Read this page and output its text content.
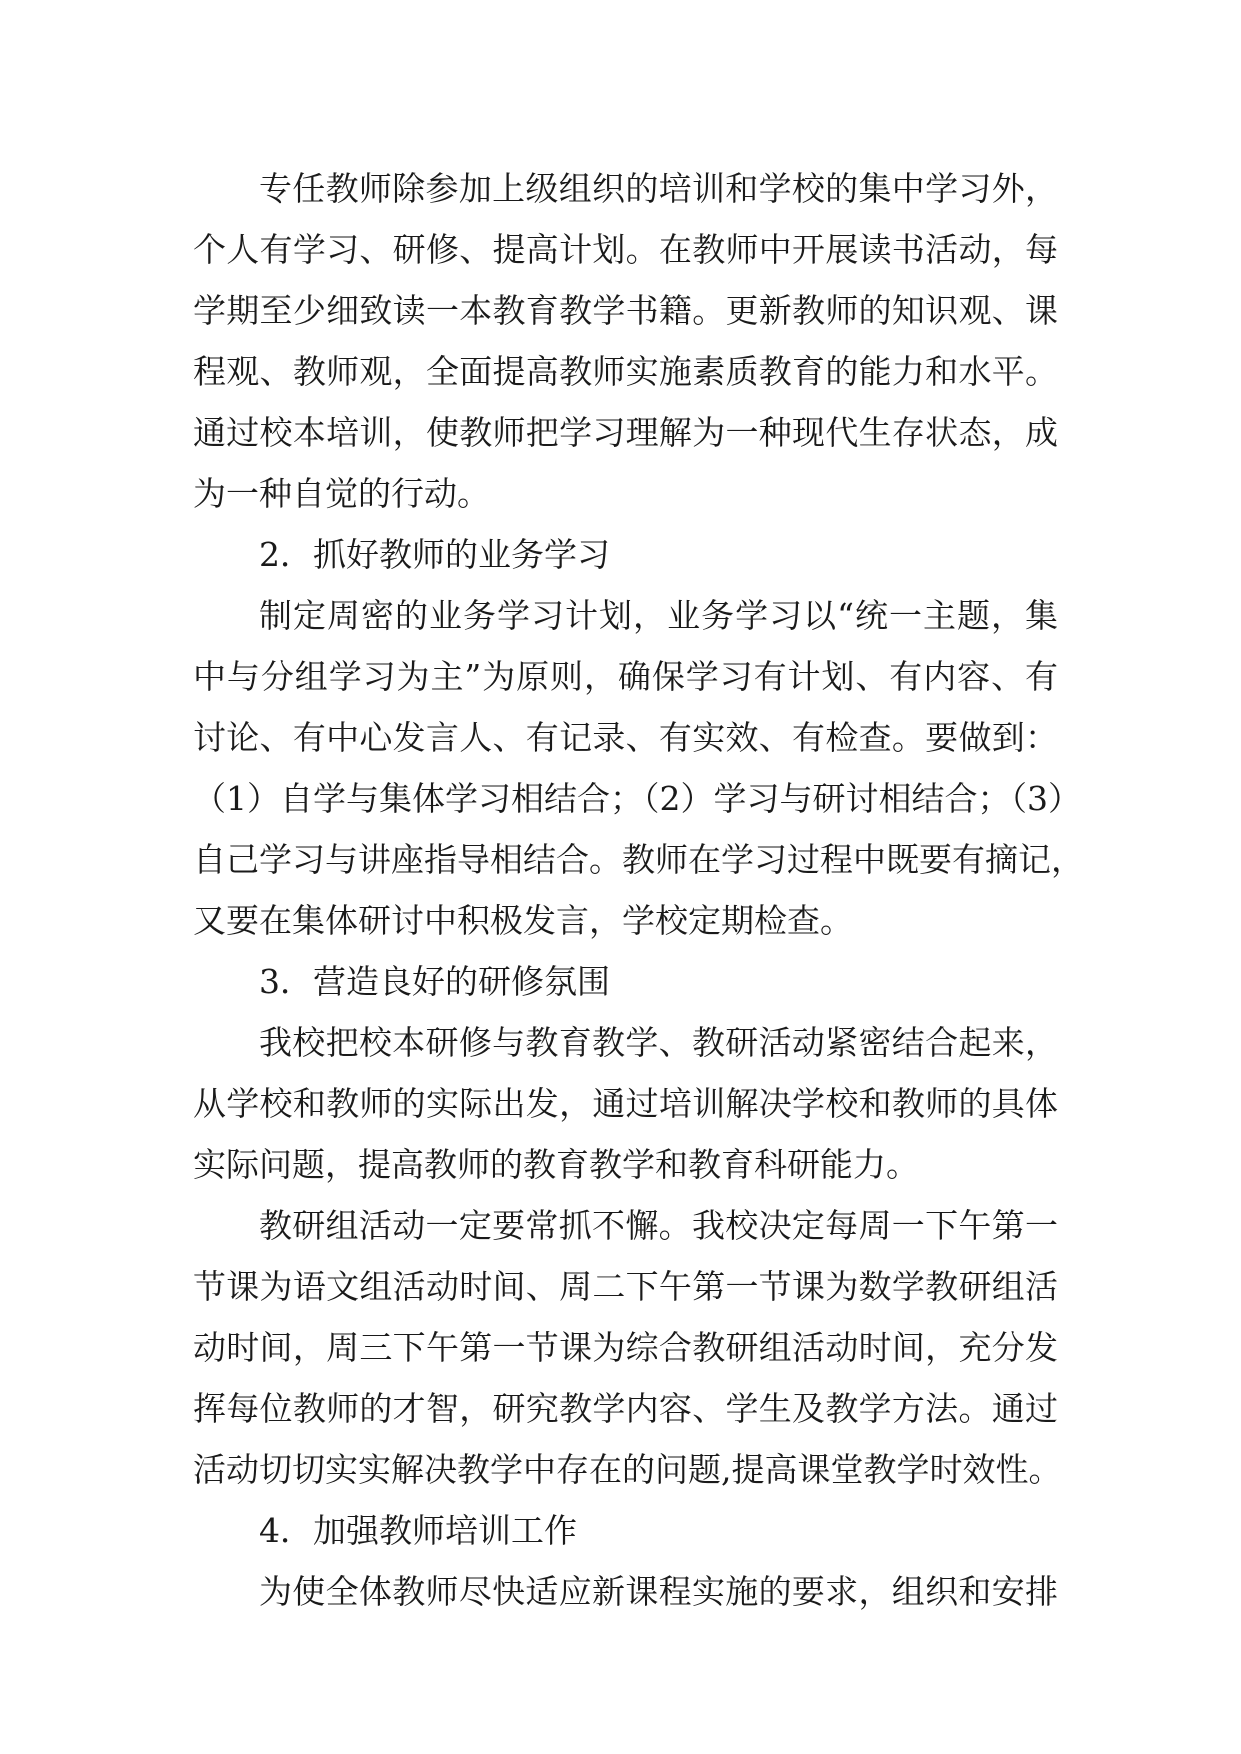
专任教师除参加上级组织的培训和学校的集中学习外，
个人有学习、研修、提高计划。在教师中开展读书活动，每
学期至少细致读一本教育教学书籍。更新教师的知识观、课
程观、教师观，全面提高教师实施素质教育的能力和水平。
通过校本培训，使教师把学习理解为一种现代生存状态，成
为一种自觉的行动。
2．抓好教师的业务学习
制定周密的业务学习计划，业务学习以“统一主题，集
中与分组学习为主”为原则，确保学习有计划、有内容、有
讨论、有中心发言人、有记录、有实效、有检查。要做到：
（1）自学与集体学习相结合；（2）学习与研讨相结合；（3）
自己学习与讲座指导相结合。教师在学习过程中既要有摘记，
又要在集体研讨中积极发言，学校定期检查。
3．营造良好的研修氛围
我校把校本研修与教育教学、教研活动紧密结合起来，
从学校和教师的实际出发，通过培训解决学校和教师的具体
实际问题，提高教师的教育教学和教育科研能力。
教研组活动一定要常抓不懈。我校决定每周一下午第一
节课为语文组活动时间、周二下午第一节课为数学教研组活
动时间，周三下午第一节课为综合教研组活动时间，充分发
挥每位教师的才智，研究教学内容、学生及教学方法。通过
活动切切实实解决教学中存在的问题,提高课堂教学时效性。
4．加强教师培训工作
为使全体教师尽快适应新课程实施的要求，组织和安排
